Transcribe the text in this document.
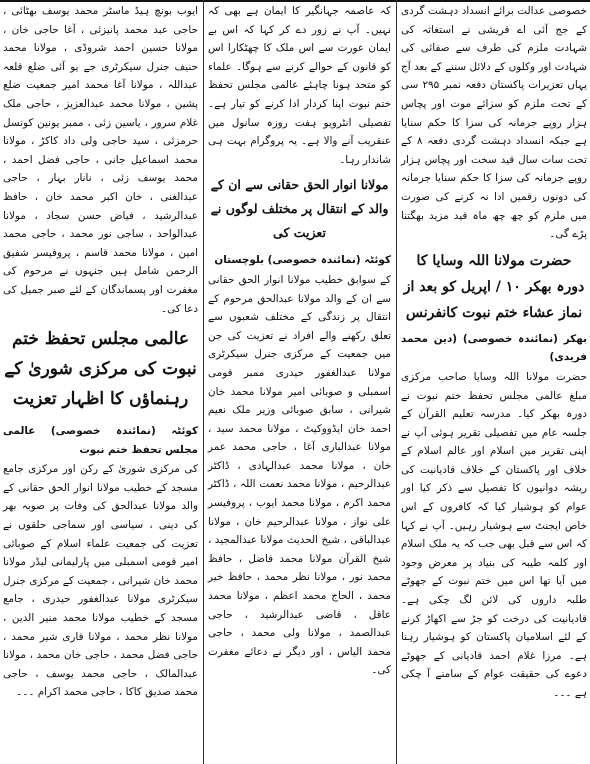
خصوصی عدالت برائے انسداد دہشت گردی کے جج آئی اے قریشی نے استغاثہ کی شہادت ملزم کی طرف سے صفائی کی شہادت اور وکلوں کے دلائل سننے کے بعد آج یہاں تعزیرات پاکستان دفعہ نمبر ۲۹۵ سی کے تحت ملزم کو سزائے موت اور پچاس ہزار روپے جرمانہ کی سزا کا حکم سنایا ہے جبکہ انسداد دہشت گردی دفعہ ۸ کے تحت سات سال قید سخت اور پچاس ہزار روپے جرمانہ کی سزا کا حکم سنایا جرمانہ کی دونوں رقمیں ادا نہ کرنے کی صورت میں ملزم کو چھ چھ ماہ قید مزید بھگتنا پڑے گی۔

حضرت مولانا اللہ وسایا کا دورہ بھکر ۱۰ / اپریل کو بعد از نماز عشاء ختم نبوت کانفرنس

بھکر (نمائندہ خصوصی) (دین محمد فریدی)

حضرت مولانا اللہ وسایا صاحب مرکزی مبلغ عالمی مجلس تحفظ ختم نبوت نے دورہ بھکر کیا۔ مدرسہ تعلیم القرآن کے جلسہ عام میں تفصیلی تقریر ہوئی آپ نے اپنی تقریر میں اسلام اور عالم اسلام کے خلاف اور پاکستان کے خلاف قادیانیت کی ریشہ دوانیوں کا تفصیل سے ذکر کیا اور عوام کو ہوشیار کیا کہ کافروں کے اس خاص ایجنٹ سے ہوشیار رہیں۔ آپ نے کہا کہ اس سے قبل بھی جب کہ یہ ملک اسلام اور کلمہ طیبہ کی بنیاد پر معرض وجود میں آیا تھا اس میں ختم نبوت کے جھوٹے طلبہ داروں کی لائن لگ چکی ہے۔ قادیانیت کی درخت کو جڑ سے اکھاڑ کرنے کے لئے اسلامیان پاکستان کو ہوشیار رہنا ہے۔ مرزا غلام احمد قادیانی کے جھوٹے دعوے کی حقیقت عوام کے سامنے آ چکی ہے ۔۔۔

کہ عاصمہ جہانگیر کا ایمان ہے بھی کہ نہیں۔ آپ نے زور دے کر کہا کہ اس بے ایمان عورت سے اس ملک کا چھٹکارا اس کو قانون کے حوالے کرنے سے ہوگا۔ علماء کو متحد ہونا چاہئے عالمی مجلس تحفظ ختم نبوت اپنا کردار ادا کرنے کو تیار ہے۔ تفصیلی انٹرویو ہفت روزہ سانول میں عنقریب آنے والا ہے۔ یہ پروگرام بہت ہی شاندار رہا۔

مولانا انوار الحق حقانی سے ان کے والد کے انتقال پر مختلف لوگوں نے تعزیت کی

کوئٹہ (نمائندہ خصوصی) بلوچستان

کے سوابق خطیب مولانا انوار الحق حقانی سے ان کے والد مولانا عبدالحق مرحوم کے انتقال پر زندگی کے مختلف شعبوں سے تعلق رکھنے والے افراد نے تعزیت کی جن میں جمعیت کے مرکزی جنرل سیکرٹری مولانا عبدالغفور حیدری ممبر قومی اسمبلی و صوبائی امیر مولانا محمد خان شیرانی ، سابق صوبائی وزیر ملک نعیم احمد خان ایڈووکیٹ ، مولانا محمد سید ، مولانا عبدالباری آغا ، حاجی محمد عمر خان ، مولانا محمد عبدالہادی ، ڈاکٹر عبدالرحیم ، مولانا محمد نعمت اللہ ، ڈاکٹر محمد اکرم ، مولانا محمد ایوب ، پروفیسر علی نواز ، مولانا عبدالرحیم خان ، مولانا عبدالباقی ، شیخ الحدیث مولانا عبدالمجید ، شیخ القرآن مولانا محمد فاضل ، حافظ محمد نور ، مولانا نظر محمد ، حافظ خیر محمد ، الحاج محمد اعظم ، مولانا محمد عاقل ، قاضی عبدالرشید ، حاجی عبدالصمد ، مولانا ولی محمد ، حاجی محمد الیاس ، اور دیگر نے دعائے مغفرت کی۔

ایوب بونچ ہیڈ ماسٹر محمد یوسف بھٹائی ، حاجی عبد محمد پانیزئی ، آغا حاجی خان ، مولانا حسین احمد شروڈی ، مولانا محمد حنیف جنرل سیکرٹری جے یو آئی ضلع قلعہ عبداللہ ، مولانا آغا محمد امیر جمعیت ضلع پشین ، مولانا محمد عبدالعزیز ، حاجی ملک غلام سرور ، یاسین زئی ، ممبر یونین کونسل حرمزئی ، سید حاجی ولی داد کاکڑ ، مولانا محمد اسماعیل جانی ، حاجی فضل احمد ، محمد یوسف زئی ، نانار بہار ، حاجی عبدالغنی ، خان اکبر محمد خان ، حافظ عبدالرشید ، فیاض حسن سجاد ، مولانا عبدالواحد ، ساجی نور محمد ، حاجی محمد امین ، مولانا محمد قاسم ، پروفیسر شفیق الرحمن شامل ہیں جنہوں نے مرحوم کی مغفرت اور پسماندگان کے لئے صبر جمیل کی دعا کی۔

عالمی مجلس تحفظ ختم نبوت کی مرکزی شوریٰ کے رہنماؤں کا اظہار تعزیت

کوئٹہ (نمائندہ خصوصی) عالمی مجلس تحفظ ختم نبوت

کی مرکزی شوریٰ کے رکن اور مرکزی جامع مسجد کے خطیب مولانا انوار الحق حقانی کے والد مولانا عبدالحق کی وفات پر صوبہ بھر کی دینی ، سیاسی اور سماجی حلقوں نے تعزیت کی جمعیت علماء اسلام کے صوبائی امیر قومی اسمبلی میں پارلیمانی لیڈر مولانا محمد خان شیرانی ، جمعیت کے مرکزی جنرل سیکرٹری مولانا عبدالغفور حیدری ، جامع مسجد کے خطیب مولانا محمد منیر الدین ، مولانا نظر محمد ، مولانا قاری شیر محمد ، حاجی فضل محمد ، حاجی خان محمد ، مولانا عبدالمالک ، حاجی محمد یوسف ، حاجی محمد صدیق کاکا ، حاجی محمد اکرام ۔۔۔
